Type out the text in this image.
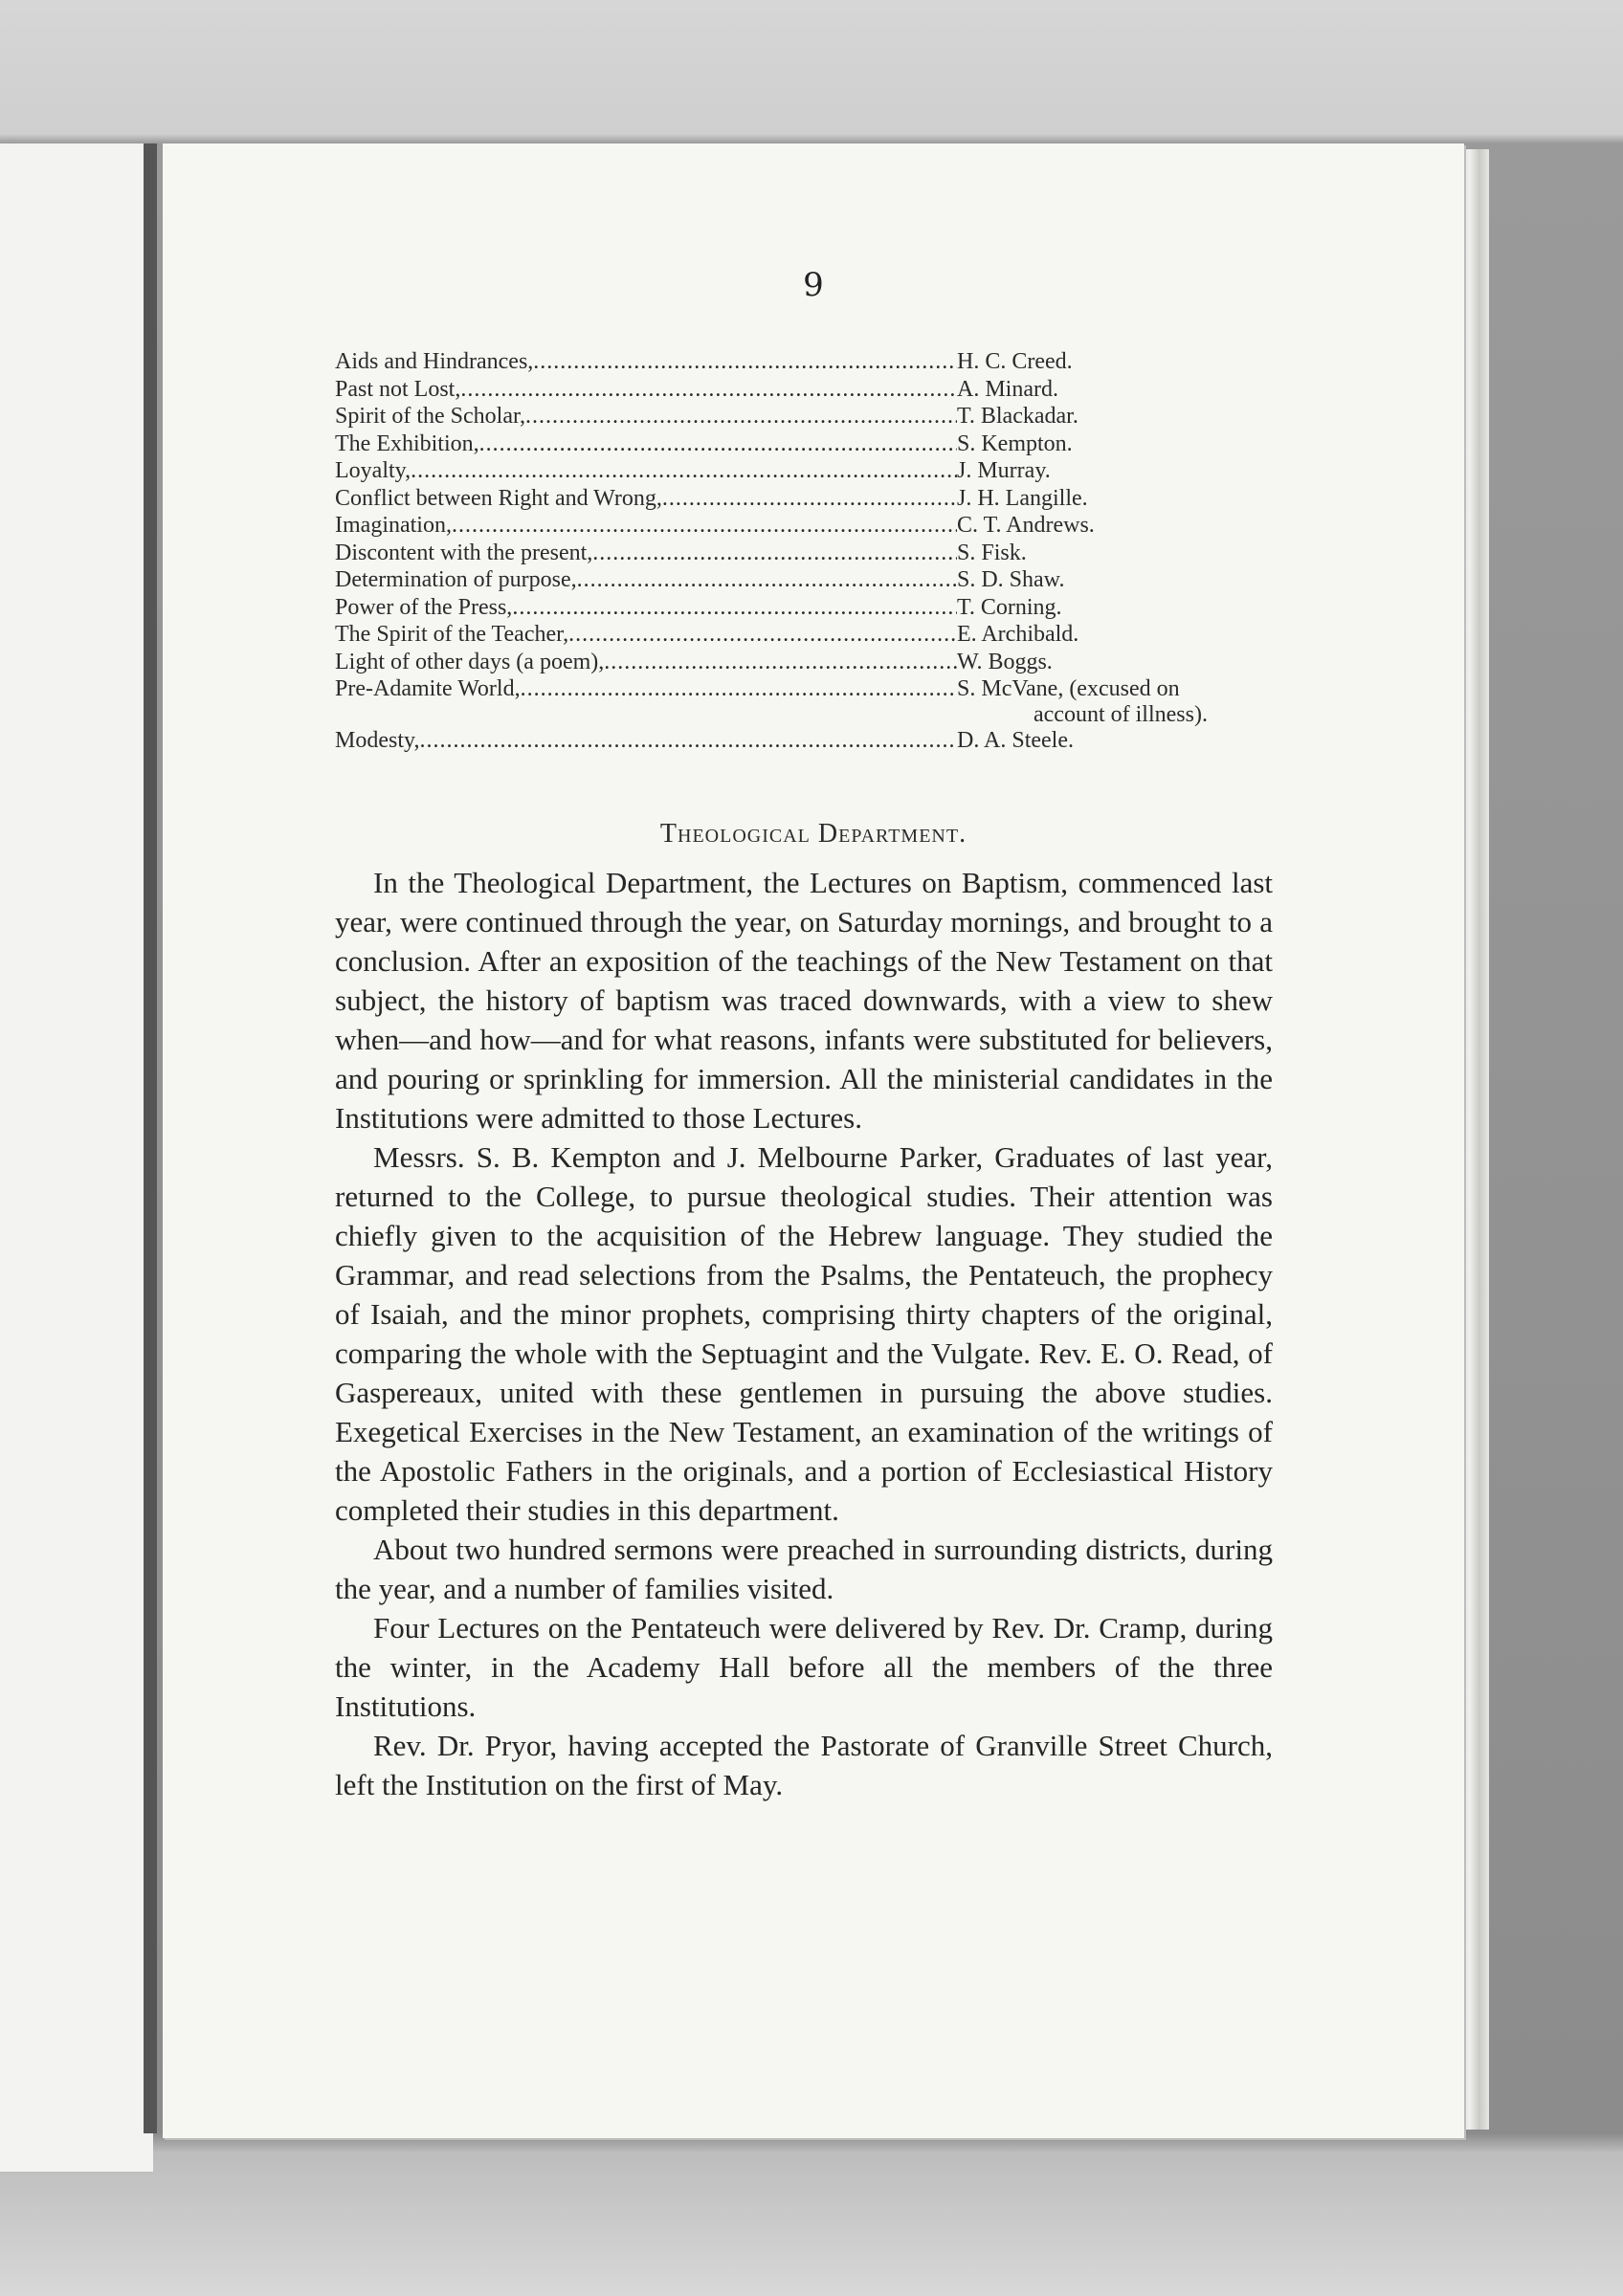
9
Aids and Hindrances, .....	H. C. Creed.
Past not Lost, .....	A. Minard.
Spirit of the Scholar, .....	T. Blackadar.
The Exhibition, .....	S. Kempton.
Loyalty, .....	J. Murray.
Conflict between Right and Wrong, .....	J. H. Langille.
Imagination, .....	C. T. Andrews.
Discontent with the present, .....	S. Fisk.
Determination of purpose, .....	S. D. Shaw.
Power of the Press, .....	T. Corning.
The Spirit of the Teacher, .....	E. Archibald.
Light of other days (a poem), .....	W. Boggs.
Pre-Adamite World, .....	S. McVane, (excused on
account of illness).
Modesty, .....	D. A. Steele.
Theological Department.

In the Theological Department, the Lectures on Baptism, commenced last year, were continued through the year, on Saturday mornings, and brought to a conclusion. After an exposition of the teachings of the New Testament on that subject, the history of baptism was traced downwards, with a view to shew when—and how—and for what reasons, infants were substituted for believers, and pouring or sprinkling for immersion. All the ministerial candidates in the Institutions were admitted to those Lectures.

Messrs. S. B. Kempton and J. Melbourne Parker, Graduates of last year, returned to the College, to pursue theological studies. Their attention was chiefly given to the acquisition of the Hebrew language. They studied the Grammar, and read selections from the Psalms, the Pentateuch, the prophecy of Isaiah, and the minor prophets, comprising thirty chapters of the original, comparing the whole with the Septuagint and the Vulgate. Rev. E. O. Read, of Gaspereaux, united with these gentlemen in pursuing the above studies. Exegetical Exercises in the New Testament, an examination of the writings of the Apostolic Fathers in the originals, and a portion of Ecclesiastical History completed their studies in this department.

About two hundred sermons were preached in surrounding districts, during the year, and a number of families visited.

Four Lectures on the Pentateuch were delivered by Rev. Dr. Cramp, during the winter, in the Academy Hall before all the members of the three Institutions.

Rev. Dr. Pryor, having accepted the Pastorate of Granville Street Church, left the Institution on the first of May.
